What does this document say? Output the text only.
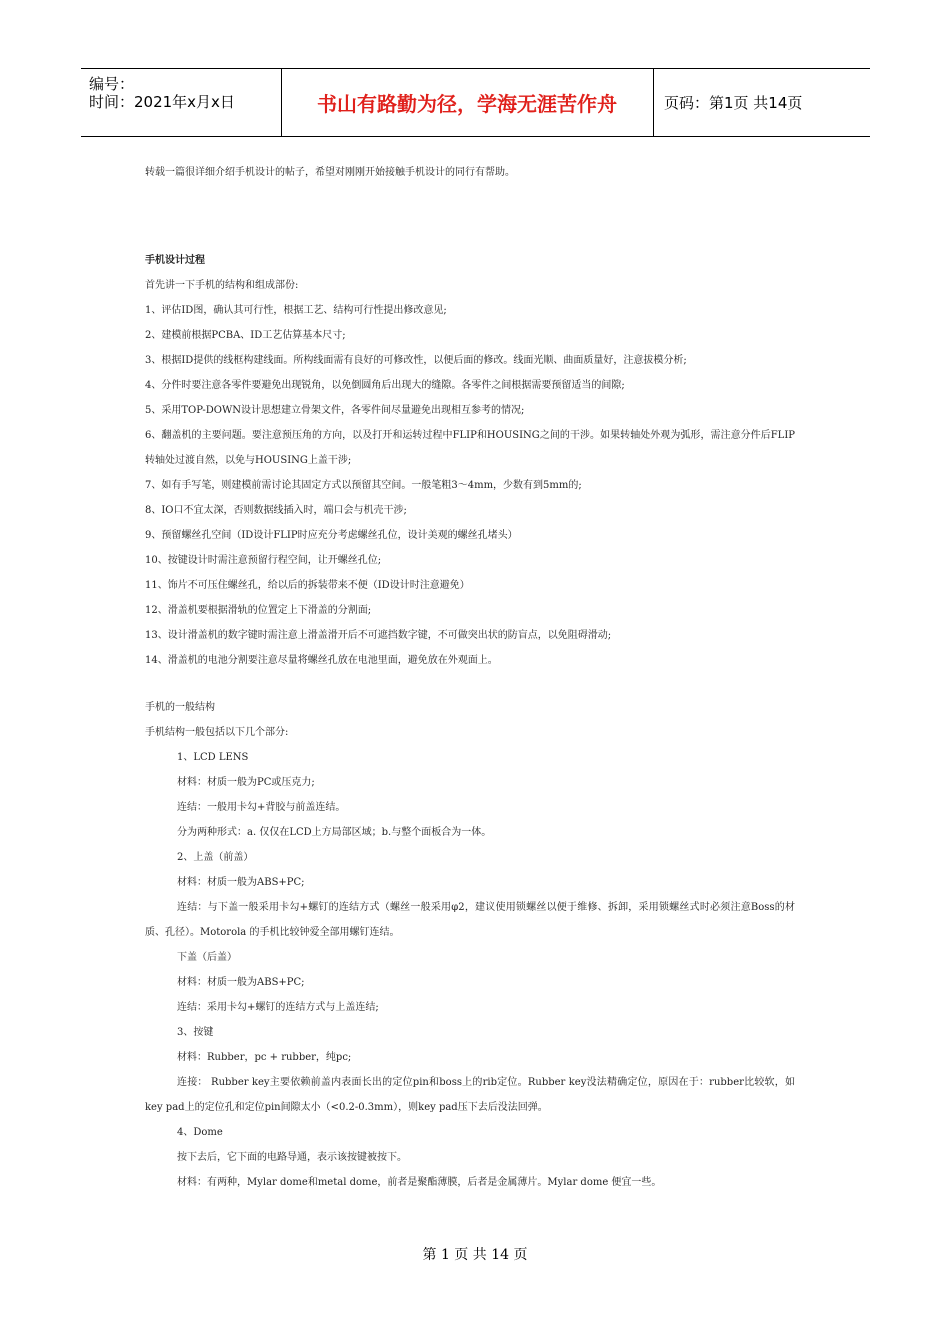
编号：
时间：2021年x月x日	书山有路勤为径，学海无涯苦作舟	页码：第1页 共14页

转载一篇很详细介绍手机设计的帖子，希望对刚刚开始接触手机设计的同行有帮助。

手机设计过程

首先讲一下手机的结构和组成部份:

1、评估ID图，确认其可行性，根据工艺、结构可行性提出修改意见;

2、建模前根据PCBA、ID工艺估算基本尺寸;

3、根据ID提供的线框构建线面。所构线面需有良好的可修改性，以便后面的修改。线面光顺、曲面质量好，注意拔模分析;

4、分件时要注意各零件要避免出现锐角，以免倒圆角后出现大的缝隙。各零件之间根据需要预留适当的间隙;

5、采用TOP-DOWN设计思想建立骨架文件，各零件间尽量避免出现相互参考的情况;

6、翻盖机的主要问题。要注意预压角的方向，以及打开和运转过程中FLIP和HOUSING之间的干涉。如果转轴处外观为弧形，需注意分件后FLIP转轴处过渡自然，以免与HOUSING上盖干涉;

7、如有手写笔，则建模前需讨论其固定方式以预留其空间。一般笔粗3～4mm，少数有到5mm的;

8、IO口不宜太深，否则数据线插入时，端口会与机壳干涉;

9、预留螺丝孔空间（ID设计FLIP时应充分考虑螺丝孔位，设计美观的螺丝孔堵头）

10、按键设计时需注意预留行程空间，让开螺丝孔位;

11、饰片不可压住螺丝孔，给以后的拆装带来不便（ID设计时注意避免）

12、滑盖机要根据滑轨的位置定上下滑盖的分割面;

13、设计滑盖机的数字键时需注意上滑盖滑开后不可遮挡数字键，不可做突出状的防盲点，以免阻碍滑动;

14、滑盖机的电池分割要注意尽量将螺丝孔放在电池里面，避免放在外观面上。

手机的一般结构

手机结构一般包括以下几个部分:

1、LCD LENS

材料：材质一般为PC或压克力;

连结：一般用卡勾+背胶与前盖连结。

分为两种形式：a. 仅仅在LCD上方局部区域；b.与整个面板合为一体。

2、上盖（前盖）

材料：材质一般为ABS+PC;

连结：与下盖一般采用卡勾+螺钉的连结方式（螺丝一般采用φ2，建议使用锁螺丝以便于维修、拆卸，采用锁螺丝式时必须注意Boss的材质、孔径）。Motorola 的手机比较钟爱全部用螺钉连结。

下盖（后盖）

材料：材质一般为ABS+PC;

连结：采用卡勾+螺钉的连结方式与上盖连结;

3、按键

材料：Rubber，pc + rubber，纯pc;

连接： Rubber key主要依赖前盖内表面长出的定位pin和boss上的rib定位。Rubber key没法精确定位，原因在于：rubber比较软，如key pad上的定位孔和定位pin间隙太小（<0.2-0.3mm），则key pad压下去后没法回弹。

4、Dome

按下去后，它下面的电路导通，表示该按键被按下。

材料：有两种，Mylar dome和metal dome，前者是聚酯薄膜，后者是金属薄片。Mylar dome 便宜一些。

第 1 页 共 14 页
